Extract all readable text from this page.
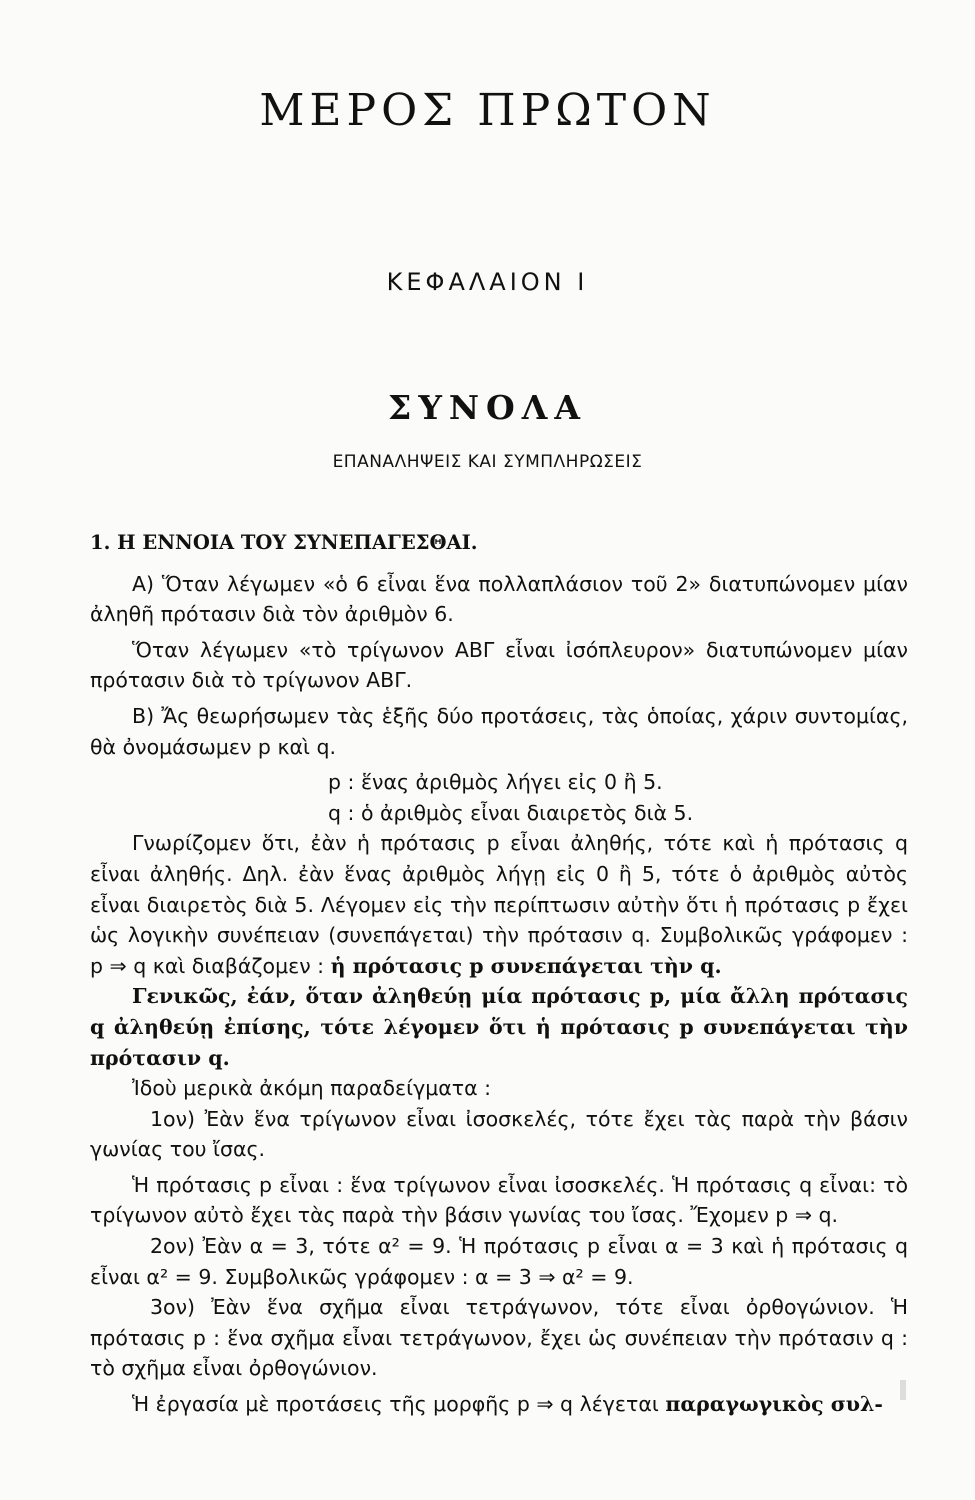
ΜΕΡΟΣ ΠΡΩΤΟΝ
ΚΕΦΑΛΑΙΟΝ Ι
ΣΥΝΟΛΑ
ΕΠΑΝΑΛΗΨΕΙΣ ΚΑΙ ΣΥΜΠΛΗΡΩΣΕΙΣ

1. Η ΕΝΝΟΙΑ ΤΟΥ ΣΥΝΕΠΑΓΕΣΘΑΙ.

Α) Ὅταν λέγωμεν «ὁ 6 εἶναι ἕνα πολλαπλάσιον τοῦ 2» διατυπώνομεν μίαν ἀληθῆ πρότασιν διὰ τὸν ἀριθμὸν 6.

Ὅταν λέγωμεν «τὸ τρίγωνον ΑΒΓ εἶναι ἰσόπλευρον» διατυπώνομεν μίαν πρότασιν διὰ τὸ τρίγωνον ΑΒΓ.

Β) Ἄς θεωρήσωμεν τὰς ἑξῆς δύο προτάσεις, τὰς ὁποίας, χάριν συντομίας, θὰ ὀνομάσωμεν p καὶ q.

p : ἕνας ἀριθμὸς λήγει εἰς 0 ἢ 5.

q : ὁ ἀριθμὸς εἶναι διαιρετὸς διὰ 5.

Γνωρίζομεν ὅτι, ἐὰν ἡ πρότασις p εἶναι ἀληθής, τότε καὶ ἡ πρότασις q εἶναι ἀληθής. Δηλ. ἐὰν ἕνας ἀριθμὸς λήγῃ εἰς 0 ἢ 5, τότε ὁ ἀριθμὸς αὐτὸς εἶναι διαιρετὸς διὰ 5. Λέγομεν εἰς τὴν περίπτωσιν αὐτὴν ὅτι ἡ πρότασις p ἔχει ὡς λογικὴν συνέπειαν (συνεπάγεται) τὴν πρότασιν q. Συμβολικῶς γράφομεν : p ⇒ q καὶ διαβάζομεν : ἡ πρότασις p συνεπάγεται τὴν q.

Γενικῶς, ἐάν, ὅταν ἀληθεύῃ μία πρότασις p, μία ἄλλη πρότασις q ἀληθεύῃ ἐπίσης, τότε λέγομεν ὅτι ἡ πρότασις p συνεπάγεται τὴν πρότασιν q.

Ἰδοὺ μερικὰ ἀκόμη παραδείγματα :

1ον) Ἐὰν ἕνα τρίγωνον εἶναι ἰσοσκελές, τότε ἔχει τὰς παρὰ τὴν βάσιν γωνίας του ἴσας.

Ἡ πρότασις p εἶναι : ἕνα τρίγωνον εἶναι ἰσοσκελές. Ἡ πρότασις q εἶναι: τὸ τρίγωνον αὐτὸ ἔχει τὰς παρὰ τὴν βάσιν γωνίας του ἴσας. Ἔχομεν p ⇒ q.

2ον) Ἐὰν α = 3, τότε α² = 9. Ἡ πρότασις p εἶναι α = 3 καὶ ἡ πρότασις q εἶναι α² = 9. Συμβολικῶς γράφομεν : α = 3 ⇒ α² = 9.

3ον) Ἐὰν ἕνα σχῆμα εἶναι τετράγωνον, τότε εἶναι ὀρθογώνιον. Ἡ πρότασις p : ἕνα σχῆμα εἶναι τετράγωνον, ἔχει ὡς συνέπειαν τὴν πρότασιν q : τὸ σχῆμα εἶναι ὀρθογώνιον.

Ἡ ἐργασία μὲ προτάσεις τῆς μορφῆς p ⇒ q λέγεται παραγωγικὸς συλ-
